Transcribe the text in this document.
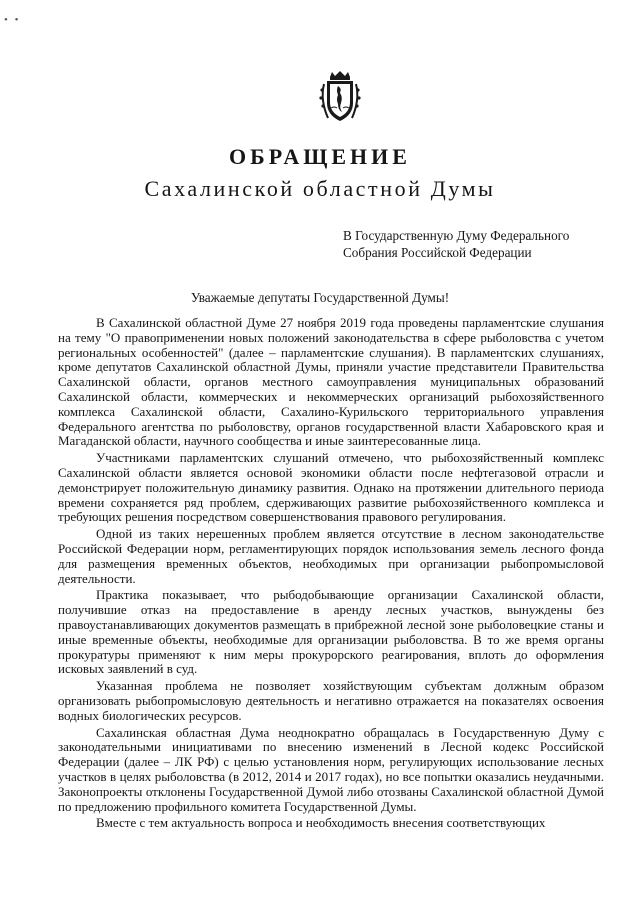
• •
ОБРАЩЕНИЕ
Сахалинской областной Думы
В Государственную Думу Федерального
Собрания Российской Федерации
Уважаемые депутаты Государственной Думы!

В Сахалинской областной Думе 27 ноября 2019 года проведены парламентские слушания на тему "О правоприменении новых положений законодательства в сфере рыболовства с учетом региональных особенностей" (далее – парламентские слушания). В парламентских слушаниях, кроме депутатов Сахалинской областной Думы, приняли участие представители Правительства Сахалинской области, органов местного самоуправления муниципальных образований Сахалинской области, коммерческих и некоммерческих организаций рыбохозяйственного комплекса Сахалинской области, Сахалино-Курильского территориального управления Федерального агентства по рыболовству, органов государственной власти Хабаровского края и Магаданской области, научного сообщества и иные заинтересованные лица.

Участниками парламентских слушаний отмечено, что рыбохозяйственный комплекс Сахалинской области является основой экономики области после нефтегазовой отрасли и демонстрирует положительную динамику развития. Однако на протяжении длительного периода времени сохраняется ряд проблем, сдерживающих развитие рыбохозяйственного комплекса и требующих решения посредством совершенствования правового регулирования.

Одной из таких нерешенных проблем является отсутствие в лесном законодательстве Российской Федерации норм, регламентирующих порядок использования земель лесного фонда для размещения временных объектов, необходимых при организации рыбопромысловой деятельности.

Практика показывает, что рыбодобывающие организации Сахалинской области, получившие отказ на предоставление в аренду лесных участков, вынуждены без правоустанавливающих документов размещать в прибрежной лесной зоне рыболовецкие станы и иные временные объекты, необходимые для организации рыболовства. В то же время органы прокуратуры применяют к ним меры прокурорского реагирования, вплоть до оформления исковых заявлений в суд.

Указанная проблема не позволяет хозяйствующим субъектам должным образом организовать рыбопромысловую деятельность и негативно отражается на показателях освоения водных биологических ресурсов.

Сахалинская областная Дума неоднократно обращалась в Государственную Думу с законодательными инициативами по внесению изменений в Лесной кодекс Российской Федерации (далее – ЛК РФ) с целью установления норм, регулирующих использование лесных участков в целях рыболовства (в 2012, 2014 и 2017 годах), но все попытки оказались неудачными. Законопроекты отклонены Государственной Думой либо отозваны Сахалинской областной Думой по предложению профильного комитета Государственной Думы.

Вместе с тем актуальность вопроса и необходимость внесения соответствующих
